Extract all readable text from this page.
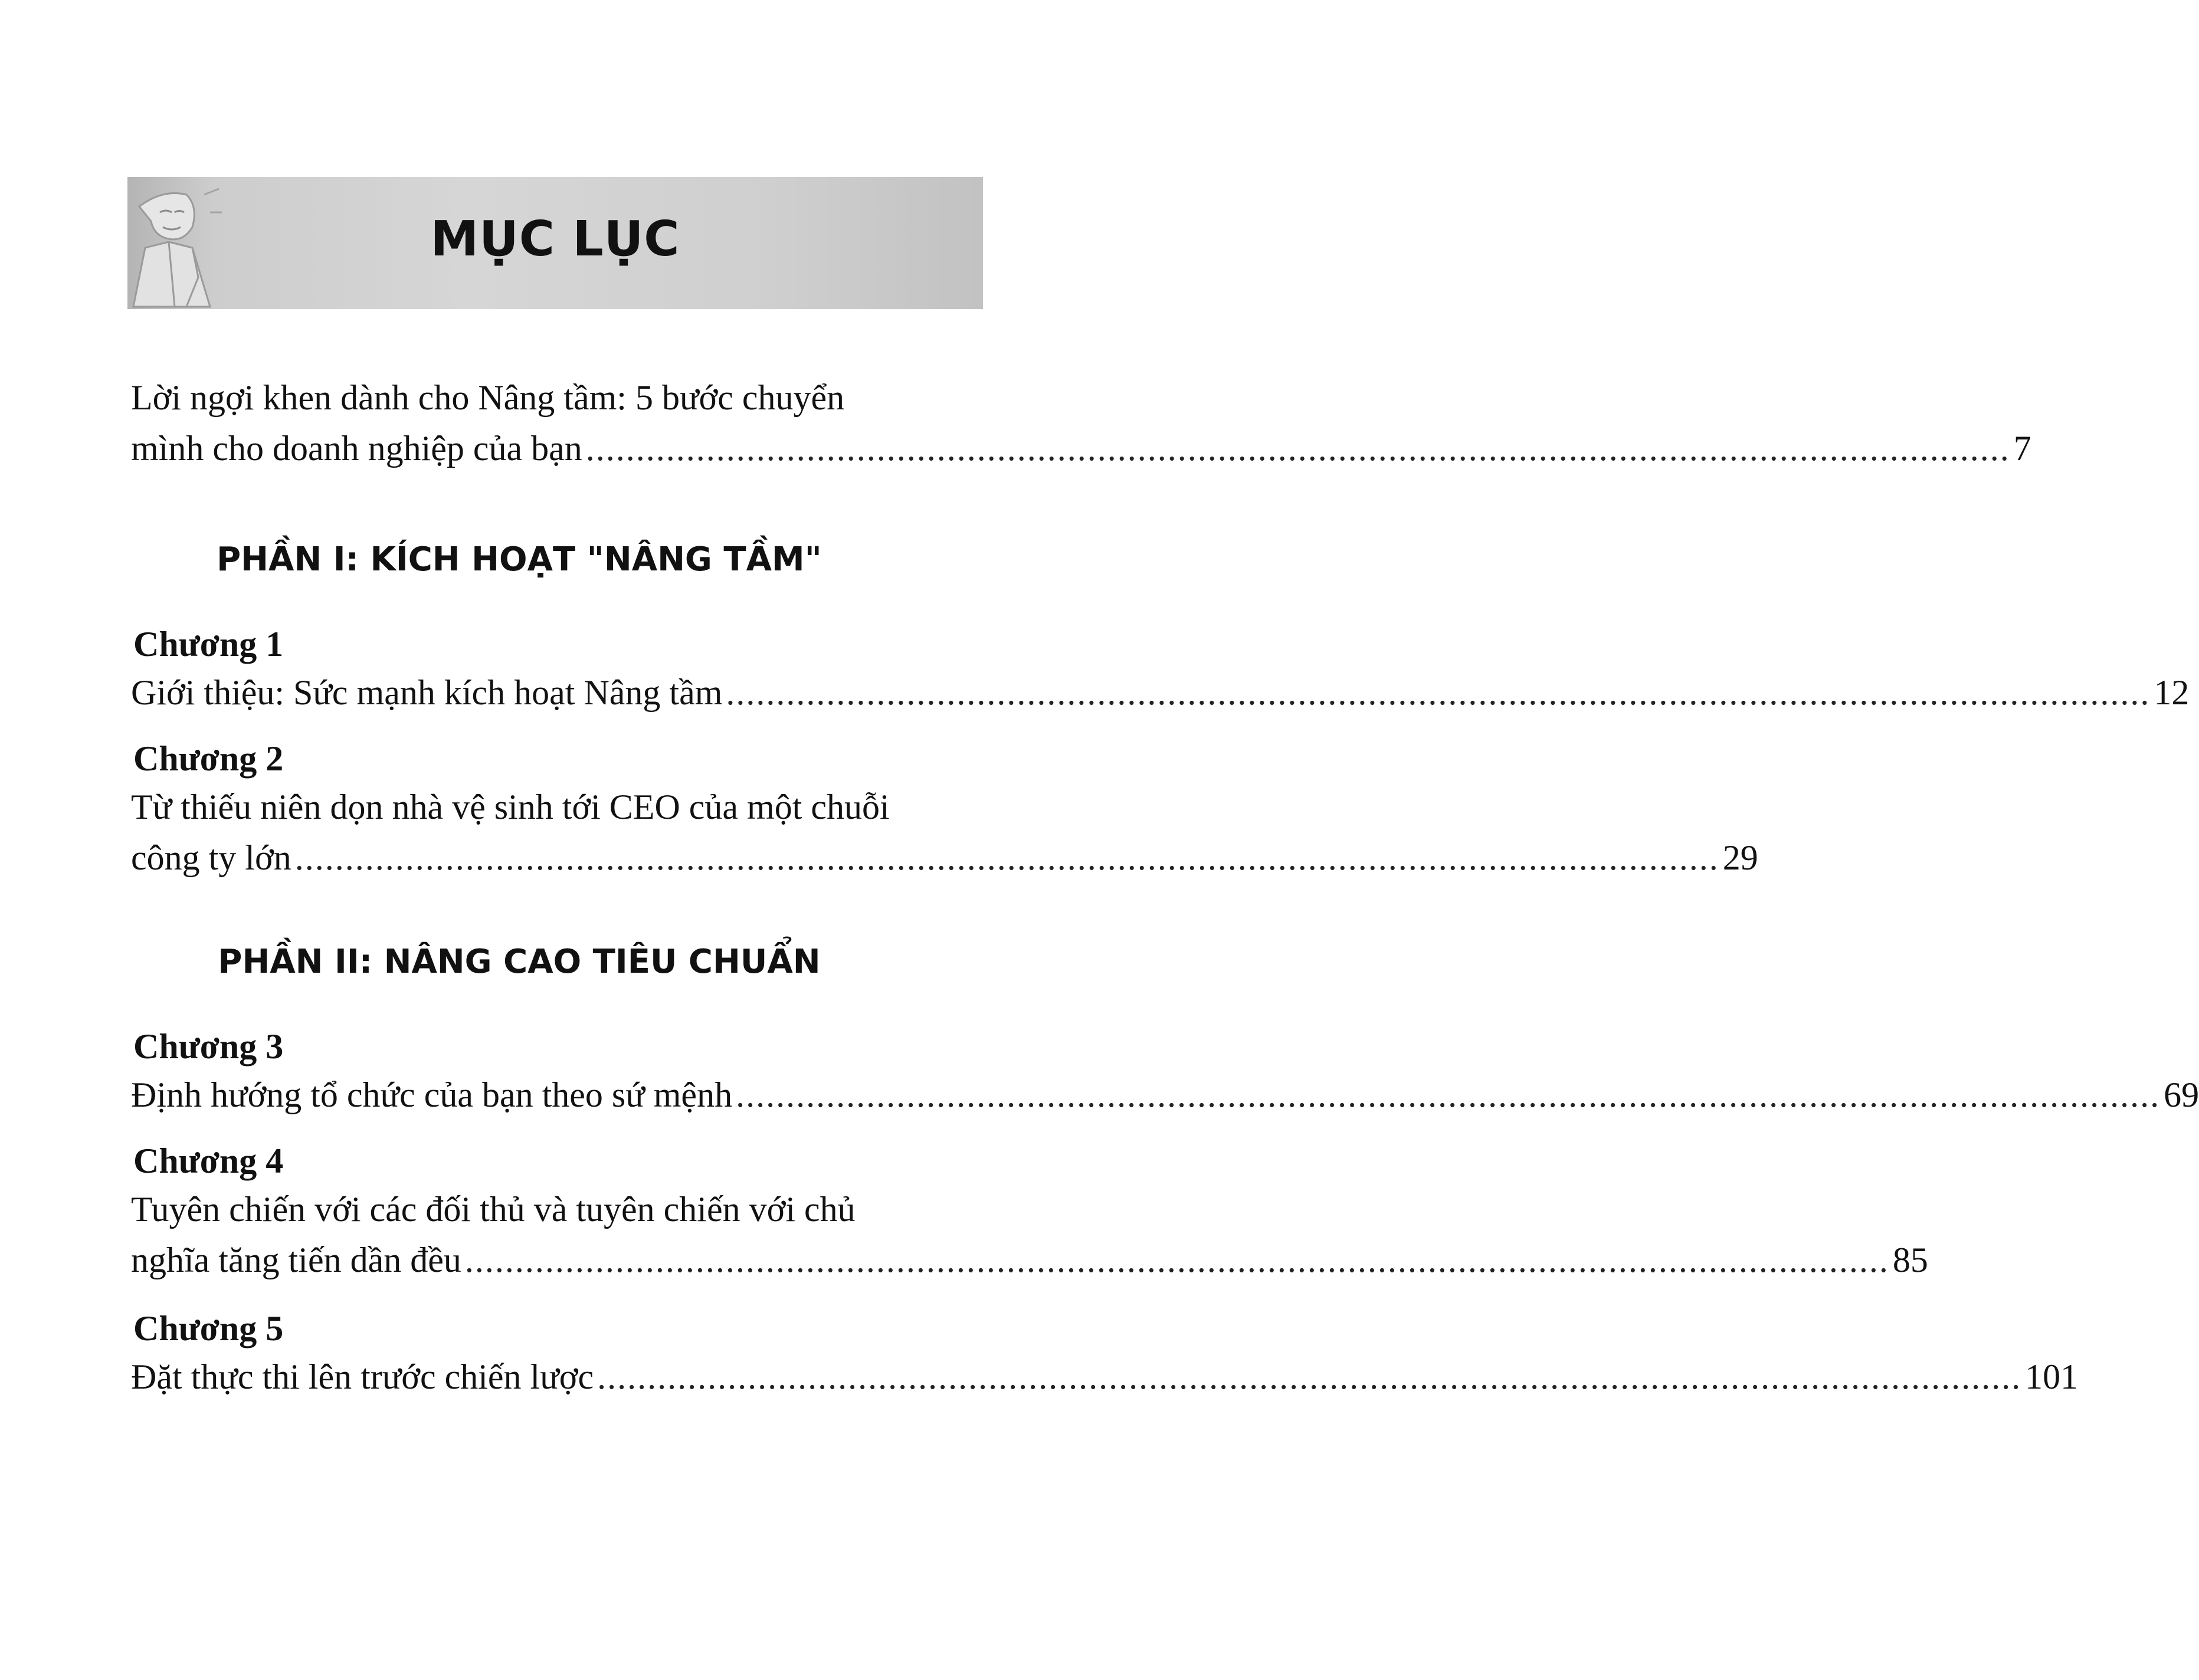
MỤC LỤC
Lời ngợi khen dành cho Nâng tầm: 5 bước chuyển
mình cho doanh nghiệp của bạn .............................................................................................................................................. 7
PHẦN I: KÍCH HOẠT "NÂNG TẦM"
Chương 1
Giới thiệu: Sức mạnh kích hoạt Nâng tầm .............................................................................................................................................. 12
Chương 2
Từ thiếu niên dọn nhà vệ sinh tới CEO của một chuỗi
công ty lớn .............................................................................................................................................. 29
PHẦN II: NÂNG CAO TIÊU CHUẨN
Chương 3
Định hướng tổ chức của bạn theo sứ mệnh .............................................................................................................................................. 69
Chương 4
Tuyên chiến với các đối thủ và tuyên chiến với chủ
nghĩa tăng tiến dần đều .............................................................................................................................................. 85
Chương 5
Đặt thực thi lên trước chiến lược .............................................................................................................................................. 101
